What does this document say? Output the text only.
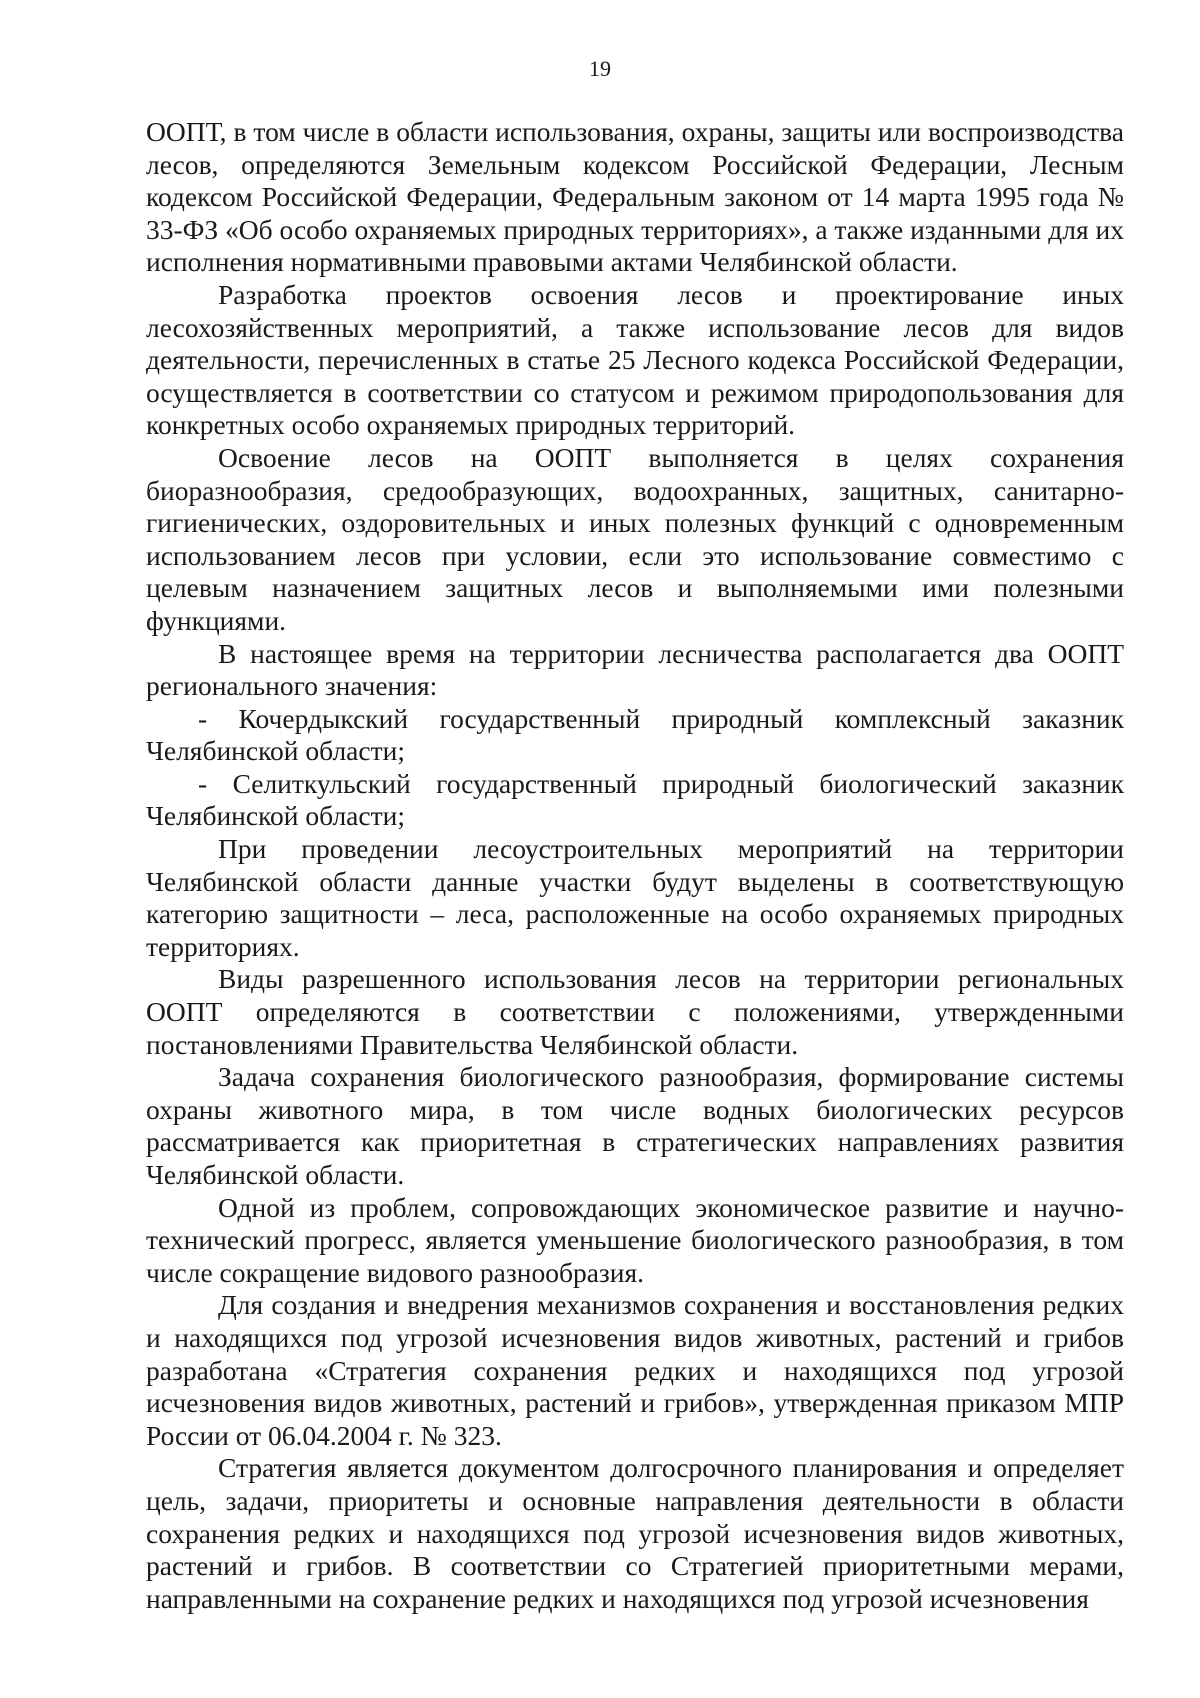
19

ООПТ, в том числе в области использования, охраны, защиты или воспроизводства лесов, определяются Земельным кодексом Российской Федерации, Лесным кодексом Российской Федерации, Федеральным законом от 14 марта 1995 года № 33-ФЗ «Об особо охраняемых природных территориях», а также изданными для их исполнения нормативными правовыми актами Челябинской области.

Разработка проектов освоения лесов и проектирование иных лесохозяйственных мероприятий, а также использование лесов для видов деятельности, перечисленных в статье 25 Лесного кодекса Российской Федерации, осуществляется в соответствии со статусом и режимом природопользования для конкретных особо охраняемых природных территорий.

Освоение лесов на ООПТ выполняется в целях сохранения биоразнообразия, средообразующих, водоохранных, защитных, санитарно-гигиенических, оздоровительных и иных полезных функций с одновременным использованием лесов при условии, если это использование совместимо с целевым назначением защитных лесов и выполняемыми ими полезными функциями.

В настоящее время на территории лесничества располагается два ООПТ регионального значения:

- Кочердыкский государственный природный комплексный заказник Челябинской области;

- Селиткульский государственный природный биологический заказник Челябинской области;

При проведении лесоустроительных мероприятий на территории Челябинской области данные участки будут выделены в соответствующую категорию защитности – леса, расположенные на особо охраняемых природных территориях.

Виды разрешенного использования лесов на территории региональных ООПТ определяются в соответствии с положениями, утвержденными постановлениями Правительства Челябинской области.

Задача сохранения биологического разнообразия, формирование системы охраны животного мира, в том числе водных биологических ресурсов рассматривается как приоритетная в стратегических направлениях развития Челябинской области.

Одной из проблем, сопровождающих экономическое развитие и научно-технический прогресс, является уменьшение биологического разнообразия, в том числе сокращение видового разнообразия.

Для создания и внедрения механизмов сохранения и восстановления редких и находящихся под угрозой исчезновения видов животных, растений и грибов разработана «Стратегия сохранения редких и находящихся под угрозой исчезновения видов животных, растений и грибов», утвержденная приказом МПР России от 06.04.2004 г. № 323.

Стратегия является документом долгосрочного планирования и определяет цель, задачи, приоритеты и основные направления деятельности в области сохранения редких и находящихся под угрозой исчезновения видов животных, растений и грибов. В соответствии со Стратегией приоритетными мерами, направленными на сохранение редких и находящихся под угрозой исчезновения
